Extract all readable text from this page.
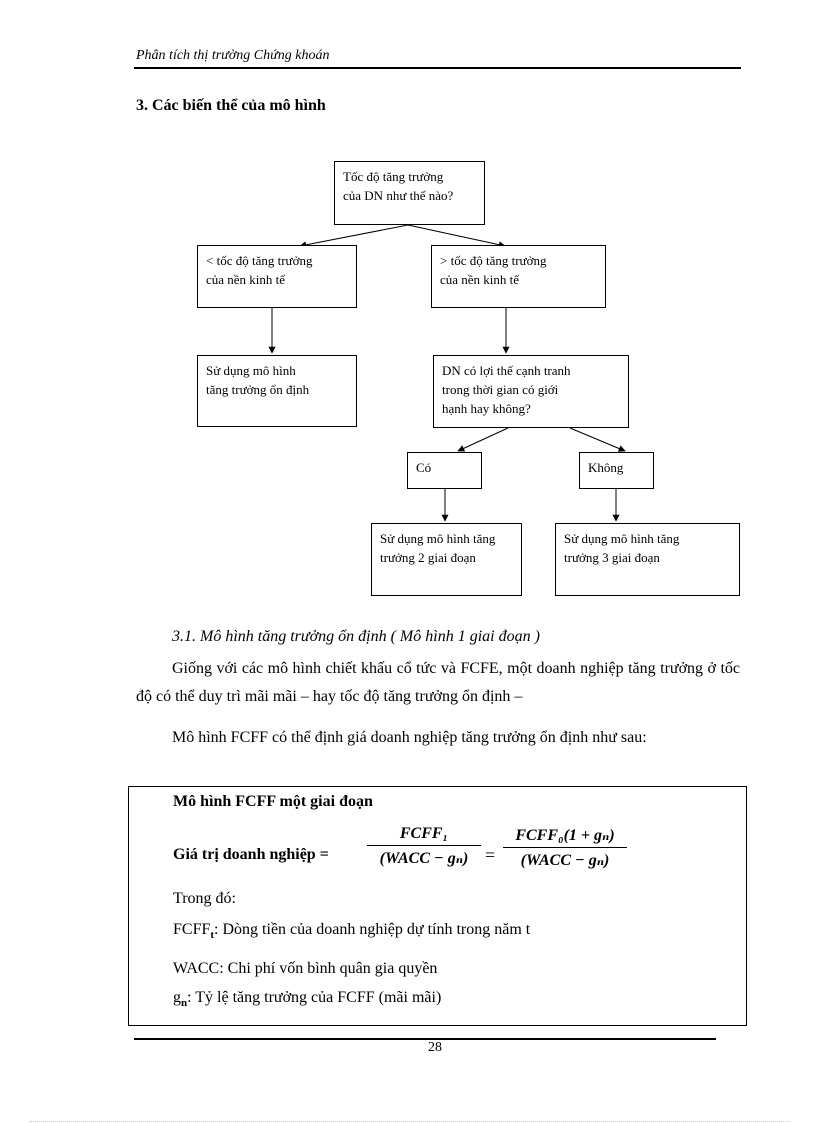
Phân tích thị trường Chứng khoán
3. Các biến thể của mô hình
Tốc độ tăng trưởng
của DN như thế nào?
< tốc độ tăng trưởng
của nền kinh tế
> tốc độ tăng trưởng
của nền kinh tế
Sử dụng mô hình
tăng trưởng ổn định
DN có lợi thế cạnh tranh
trong thời gian có giới
hạnh hay không?
Có	Không
Sử dụng mô hình tăng
trưởng 2 giai đoạn
Sử dụng mô hình tăng
trưởng 3 giai đoạn
3.1. Mô hình tăng trưởng ổn định ( Mô hình 1 giai đoạn )
Giống với các mô hình chiết khấu cổ tức và FCFE, một doanh nghiệp tăng trưởng ở tốc độ có thể duy trì mãi mãi – hay tốc độ tăng trưởng ổn định –
Mô hình FCFF có thể định giá doanh nghiệp tăng trưởng ổn định như sau:
Mô hình FCFF một giai đoạn
Giá trị doanh nghiệp =
FCFF₁
(WACC − gₙ) =
FCFF₀(1 + gₙ)
(WACC − gₙ)
Trong đó:
$FCFF_t$: Dòng tiền của doanh nghiệp dự tính trong năm t
WACC: Chi phí vốn bình quân gia quyền
$g_n$: Tỷ lệ tăng trưởng của FCFF (mãi mãi)
28
